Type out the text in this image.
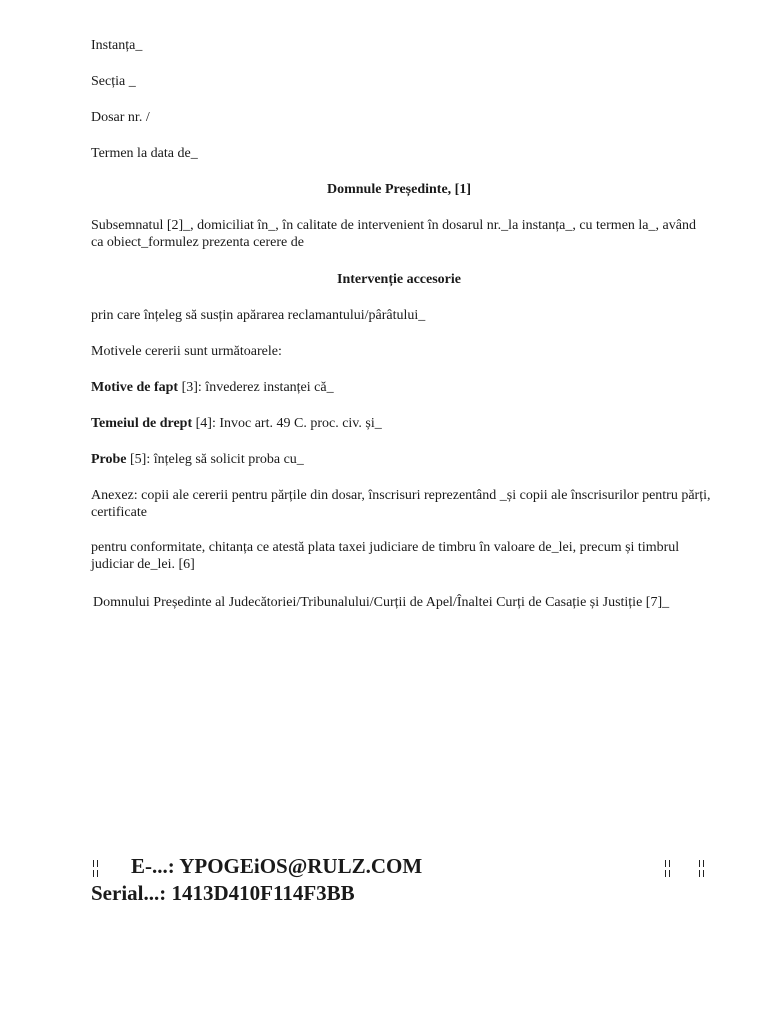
Instanța_
Secția _
Dosar nr. /
Termen la data de_
Domnule Președinte, [1]
Subsemnatul [2]_, domiciliat în_, în calitate de intervenient în dosarul nr._la instanța_, cu termen la_, având ca obiect_formulez prezenta cerere de
Intervenție accesorie
prin care înțeleg să susțin apărarea reclamantului/pârâtului_
Motivele cererii sunt următoarele:
Motive de fapt [3]: învederez instanței că_
Temeiul de drept [4]: Invoc art. 49 C. proc. civ. și_
Probe [5]: înțeleg să solicit proba cu_
Anexez: copii ale cererii pentru părțile din dosar, înscrisuri reprezentând _și copii ale înscrisurilor pentru părți, certificate
pentru conformitate, chitanța ce atestă plata taxei judiciare de timbru în valoare de_lei, precum și timbrul judiciar de_lei. [6]
Domnului Președinte al Judecătoriei/Tribunalului/Curții de Apel/Înaltei Curți de Casație și Justiție [7]_
E-...: YPOGEiOS@RULZ.COM
Serial...: 1413D410F114F3BB
